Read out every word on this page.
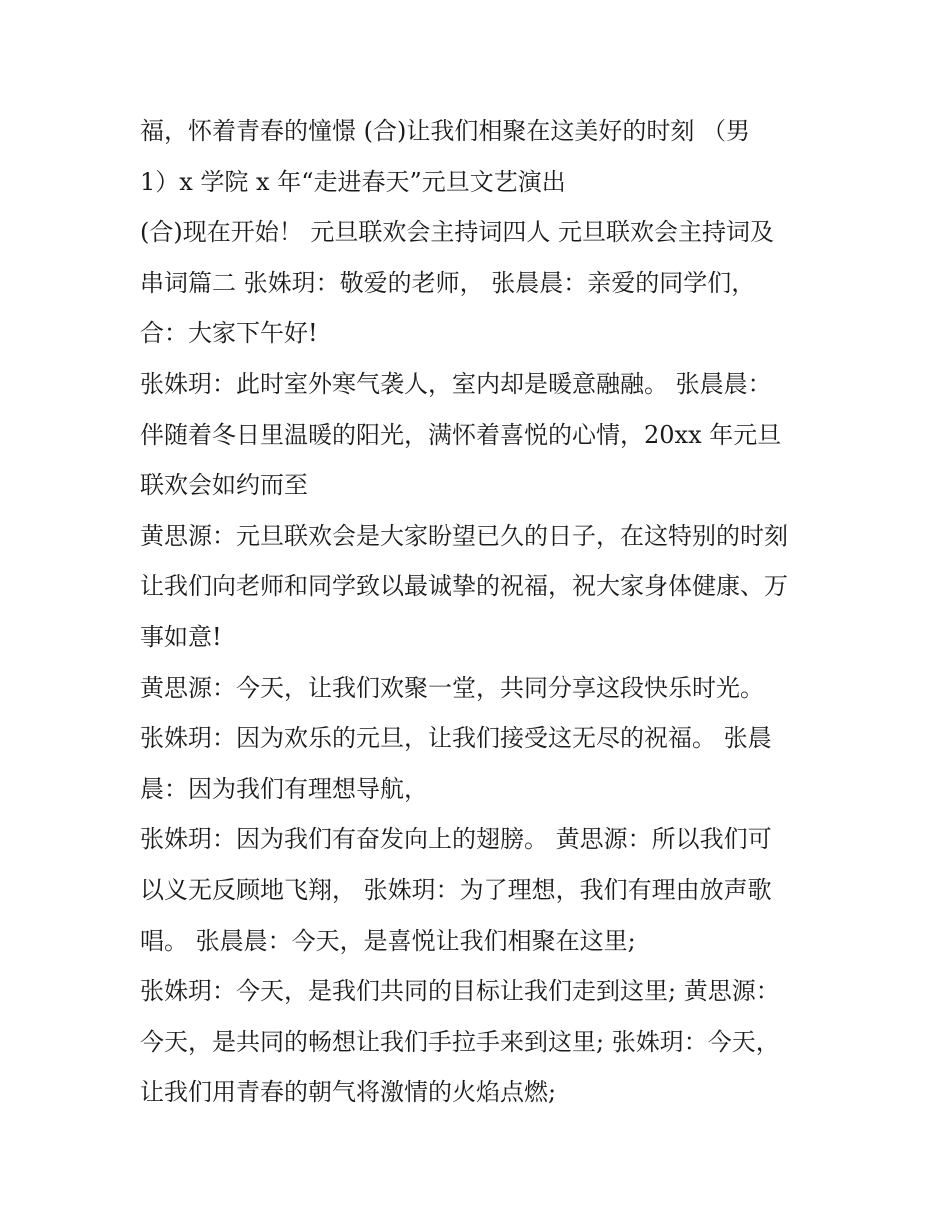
福，怀着青春的憧憬 (合)让我们相聚在这美好的时刻 （男
1）x 学院 x 年“走进春天”元旦文艺演出
(合)现在开始！ 元旦联欢会主持词四人 元旦联欢会主持词及
串词篇二 张姝玥：敬爱的老师， 张晨晨：亲爱的同学们，
合：大家下午好!
张姝玥：此时室外寒气袭人，室内却是暖意融融。 张晨晨：
伴随着冬日里温暖的阳光，满怀着喜悦的心情，20xx 年元旦
联欢会如约而至
黄思源：元旦联欢会是大家盼望已久的日子，在这特别的时刻
让我们向老师和同学致以最诚挚的祝福，祝大家身体健康、万
事如意!
黄思源：今天，让我们欢聚一堂，共同分享这段快乐时光。
张姝玥：因为欢乐的元旦，让我们接受这无尽的祝福。 张晨
晨：因为我们有理想导航，
张姝玥：因为我们有奋发向上的翅膀。 黄思源：所以我们可
以义无反顾地飞翔， 张姝玥：为了理想，我们有理由放声歌
唱。 张晨晨：今天，是喜悦让我们相聚在这里;
张姝玥：今天，是我们共同的目标让我们走到这里; 黄思源：
今天，是共同的畅想让我们手拉手来到这里; 张姝玥：今天，
让我们用青春的朝气将激情的火焰点燃;
